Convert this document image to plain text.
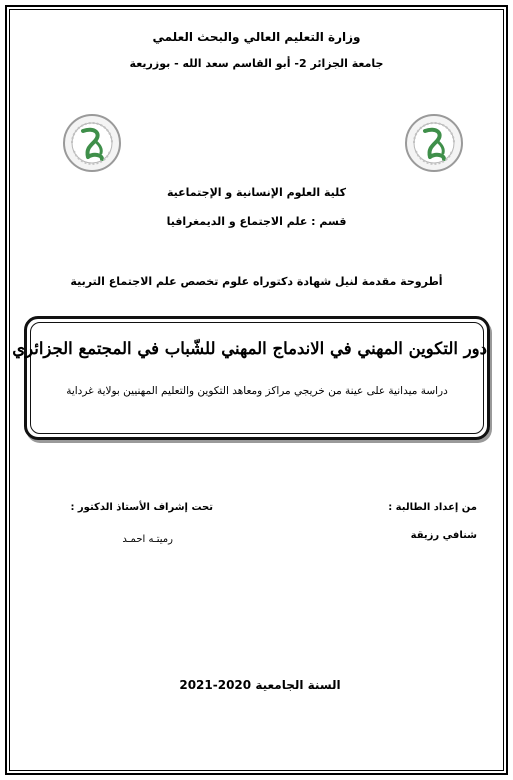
وزارة التعليم العالي والبحث العلمي
جامعة الجزائر 2- أبو القاسم سعد الله - بوزريعة
كلية العلوم الإنسانية و الإجتماعية
قسم : علم الاجتماع و الديمغرافيا
أطروحة مقدمة لنيل شهادة دكتوراه علوم تخصص علم الاجتماع التربية
دور التكوين المهني في الاندماج المهني للشّباب في المجتمع الجزائري
دراسة ميدانية على عينة من خريجي مراكز ومعاهد التكوين والتعليم المهنيين بولاية غرداية
من إعداد الطالبة :
شنافي رزيقة
تحت إشراف الأستاذ الدكتور :
رميتـه احمـد
السنة الجامعية 2020-2021
